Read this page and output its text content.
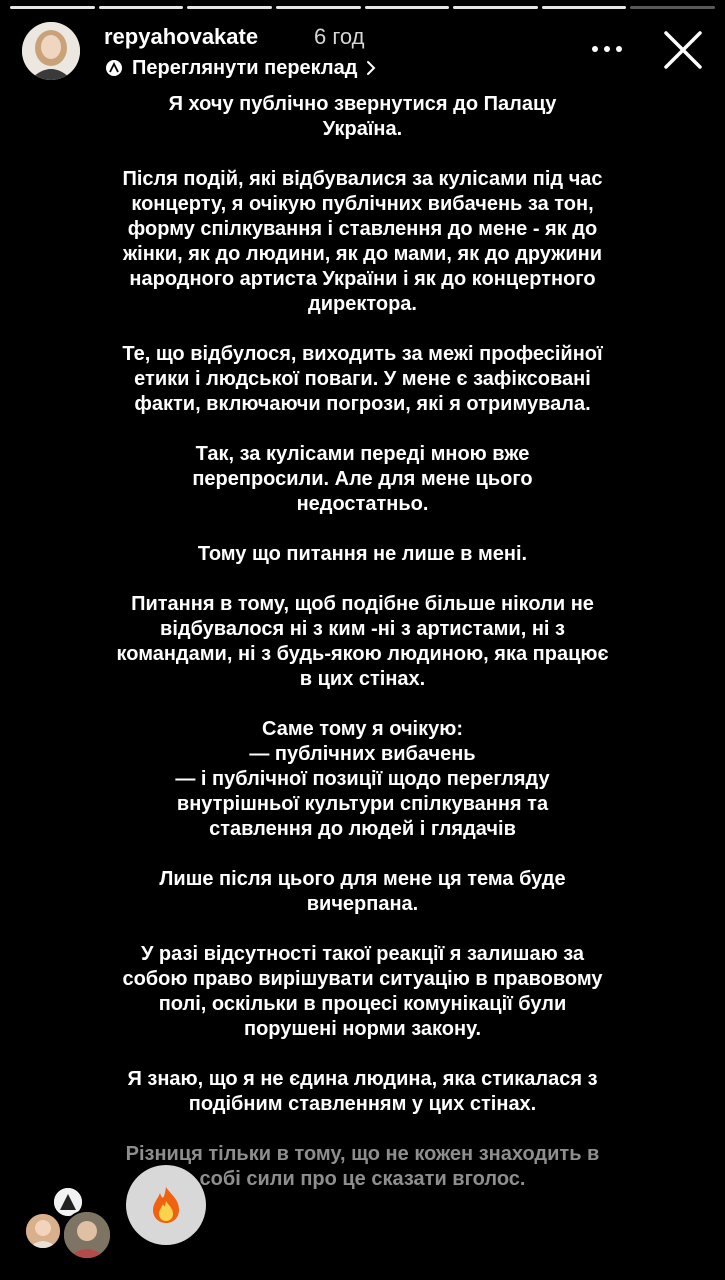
repyahovakate	6 год
Переглянути переклад
Я хочу публічно звернутися до Палацу Україна.
Після подій, які відбувалися за кулісами під час концерту, я очікую публічних вибачень за тон, форму спілкування і ставлення до мене - як до жінки, як до людини, як до мами, як до дружини народного артиста України і як до концертного директора.
Те, що відбулося, виходить за межі професійної етики і людської поваги. У мене є зафіксовані факти, включаючи погрози, які я отримувала.
Так, за кулісами переді мною вже перепросили. Але для мене цього недостатньо.
Тому що питання не лише в мені.
Питання в тому, щоб подібне більше ніколи не відбувалося ні з ким -ні з артистами, ні з командами, ні з будь-якою людиною, яка працює в цих стінах.
Саме тому я очікую:
— публічних вибачень
— і публічної позиції щодо перегляду внутрішньої культури спілкування та ставлення до людей і глядачів
Лише після цього для мене ця тема буде вичерпана.
У разі відсутності такої реакції я залишаю за собою право вирішувати ситуацію в правовому полі, оскільки в процесі комунікації були порушені норми закону.
Я знаю, що я не єдина людина, яка стикалася з подібним ставленням у цих стінах.
Різниця тільки в тому, що не кожен знаходить в собі сили про це сказати вголос.
